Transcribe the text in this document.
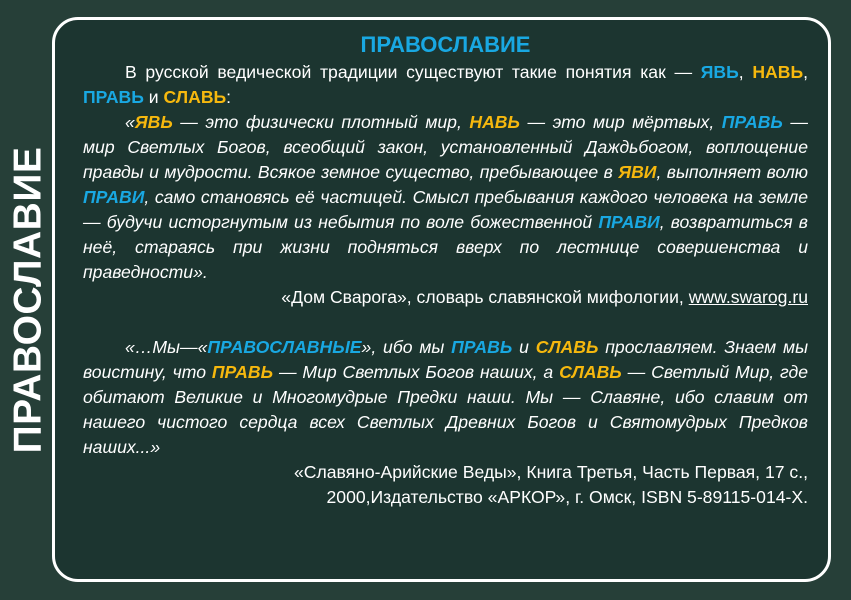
ПРАВОСЛАВИЕ
ПРАВОСЛАВИЕ

В русской ведической традиции существуют такие понятия как — ЯВЬ, НАВЬ, ПРАВЬ и СЛАВЬ:

«ЯВЬ — это физически плотный мир, НАВЬ — это мир мёртвых, ПРАВЬ — мир Светлых Богов, всеобщий закон, установленный Даждьбогом, воплощение правды и мудрости. Всякое земное существо, пребывающее в ЯВИ, выполняет волю ПРАВИ, само становясь её частицей. Смысл пребывания каждого человека на земле — будучи исторгнутым из небытия по воле божественной ПРАВИ, возвратиться в неё, стараясь при жизни подняться вверх по лестнице совершенства и праведности».

«Дом Сварога», словарь славянской мифологии, www.swarog.ru

«…Мы—«ПРАВОСЛАВНЫЕ», ибо мы ПРАВЬ и СЛАВЬ прославляем. Знаем мы воистину, что ПРАВЬ — Мир Светлых Богов наших, а СЛАВЬ — Светлый Мир, где обитают Великие и Многомудрые Предки наши. Мы — Славяне, ибо славим от нашего чистого сердца всех Светлых Древних Богов и Святомудрых Предков наших...»

«Славяно-Арийские Веды», Книга Третья, Часть Первая, 17 с.,
2000,Издательство «АРКОР», г. Омск, ISBN 5-89115-014-Х.
